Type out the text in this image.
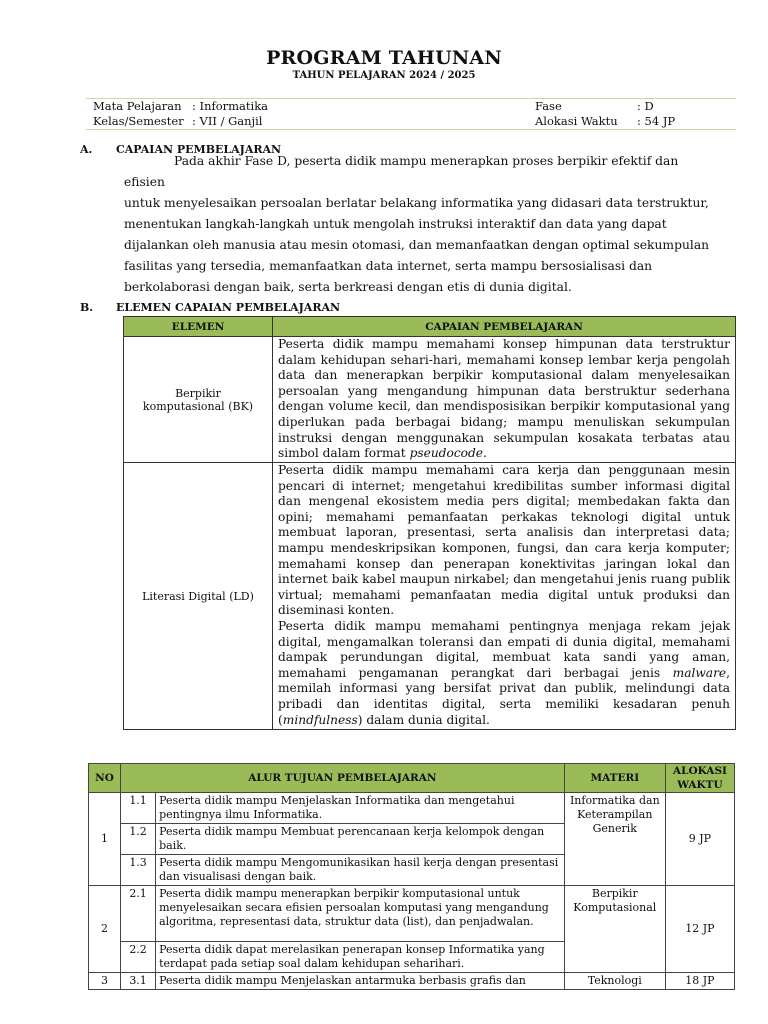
PROGRAM TAHUNAN
TAHUN PELAJARAN 2024 / 2025
Mata Pelajaran : Informatika
Kelas/Semester : VII / Ganjil
Fase	: D
Alokasi Waktu : 54 JP
A. CAPAIAN PEMBELAJARAN

Pada akhir Fase D, peserta didik mampu menerapkan proses berpikir efektif dan efisien

untuk menyelesaikan persoalan berlatar belakang informatika yang didasari data terstruktur,

menentukan langkah-langkah untuk mengolah instruksi interaktif dan data yang dapat

dijalankan oleh manusia atau mesin otomasi, dan memanfaatkan dengan optimal sekumpulan

fasilitas yang tersedia, memanfaatkan data internet, serta mampu bersosialisasi dan

berkolaborasi dengan baik, serta berkreasi dengan etis di dunia digital.

B. ELEMEN CAPAIAN PEMBELAJARAN
ELEMEN	CAPAIAN PEMBELAJARAN

Berpikir
komputasional (BK)	Peserta didik mampu memahami konsep himpunan data terstruktur dalam kehidupan sehari-hari, memahami konsep lembar kerja pengolah data dan menerapkan berpikir komputasional dalam menyelesaikan persoalan yang mengandung himpunan data berstruktur sederhana dengan volume kecil, dan mendisposisikan berpikir komputasional yang diperlukan pada berbagai bidang; mampu menuliskan sekumpulan instruksi dengan menggunakan sekumpulan kosakata terbatas atau simbol dalam format pseudocode.

Literasi Digital (LD)	Peserta didik mampu memahami cara kerja dan penggunaan mesin pencari di internet; mengetahui kredibilitas sumber informasi digital dan mengenal ekosistem media pers digital; membedakan fakta dan opini; memahami pemanfaatan perkakas teknologi digital untuk membuat laporan, presentasi, serta analisis dan interpretasi data; mampu mendeskripsikan komponen, fungsi, dan cara kerja komputer; memahami konsep dan penerapan konektivitas jaringan lokal dan internet baik kabel maupun nirkabel; dan mengetahui jenis ruang publik virtual; memahami pemanfaatan media digital untuk produksi dan diseminasi konten.
Peserta didik mampu memahami pentingnya menjaga rekam jejak digital, mengamalkan toleransi dan empati di dunia digital, memahami dampak perundungan digital, membuat kata sandi yang aman, memahami pengamanan perangkat dari berbagai jenis malware, memilah informasi yang bersifat privat dan publik, melindungi data pribadi dan identitas digital, serta memiliki kesadaran penuh (mindfulness) dalam dunia digital.
NO	ALUR TUJUAN PEMBELAJARAN		MATERI	ALOKASI WAKTU
1	1.1	Peserta didik mampu Menjelaskan Informatika dan mengetahui pentingnya ilmu Informatika.	Informatika dan Keterampilan Generik	9 JP
	1.2	Peserta didik mampu Membuat perencanaan kerja kelompok dengan baik.		
	1.3	Peserta didik mampu Mengomunikasikan hasil kerja dengan presentasi dan visualisasi dengan baik.		
2	2.1	Peserta didik mampu menerapkan berpikir komputasional untuk menyelesaikan secara efisien persoalan komputasi yang mengandung algoritma, representasi data, struktur data (list), dan penjadwalan.	Berpikir Komputasional	12 JP
	2.2	Peserta didik dapat merelasikan penerapan konsep Informatika yang terdapat pada setiap soal dalam kehidupan seharihari.		
3	3.1	Peserta didik mampu Menjelaskan antarmuka berbasis grafis dan	Teknologi	18 JP
